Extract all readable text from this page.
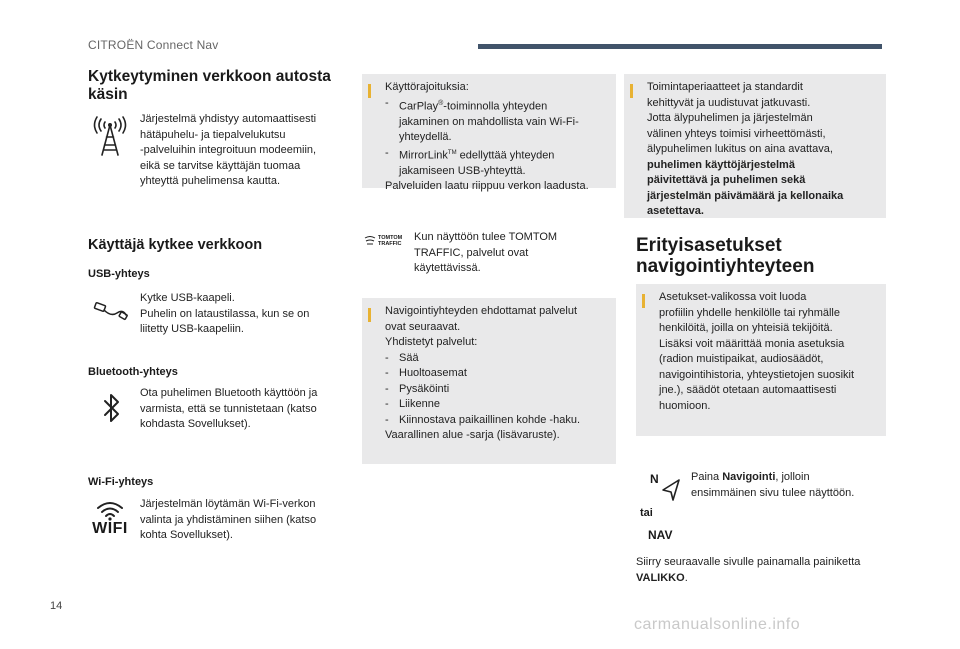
CITROËN Connect Nav
Kytkeytyminen verkkoon autosta
käsin
Järjestelmä yhdistyy automaattisesti
hätäpuhelu- ja tiepalvelukutsu
-palveluihin integroituun modeemiin,
eikä se tarvitse käyttäjän tuomaa
yhteyttä puhelimensa kautta.
Käyttäjä kytkee verkkoon
USB-yhteys
Kytke USB-kaapeli.
Puhelin on lataustilassa, kun se on
liitetty USB-kaapeliin.
Bluetooth-yhteys
Ota puhelimen Bluetooth käyttöön ja
varmista, että se tunnistetaan (katso
kohdasta Sovellukset).
Wi-Fi-yhteys
WIFI
Järjestelmän löytämän Wi-Fi-verkon
valinta ja yhdistäminen siihen (katso
kohta Sovellukset).
Käyttörajoituksia:
- CarPlay®-toiminnolla yhteyden
jakaminen on mahdollista vain Wi-Fi-
yhteydellä.
- MirrorLink™ edellyttää yhteyden
jakamiseen USB-yhteyttä.
Palveluiden laatu riippuu verkon laadusta.
TOMTOM
TRAFFIC
Kun näyttöön tulee TOMTOM
TRAFFIC, palvelut ovat
käytettävissä.
Navigointiyhteyden ehdottamat palvelut
ovat seuraavat.
Yhdistetyt palvelut:
- Sää
- Huoltoasemat
- Pysäköinti
- Liikenne
- Kiinnostava paikaillinen kohde -haku.
Vaarallinen alue -sarja (lisävaruste).
Toimintaperiaatteet ja standardit
kehittyvät ja uudistuvat jatkuvasti.
Jotta älypuhelimen ja järjestelmän
välinen yhteys toimisi virheettömästi,
älypuhelimen lukitus on aina avattava,
puhelimen käyttöjärjestelmä
päivitettävä ja puhelimen sekä
järjestelmän päivämäärä ja kellonaika
asetettava.
Erityisasetukset
navigointiyhteyteen
Asetukset-valikossa voit luoda
profiilin yhdelle henkilölle tai ryhmälle
henkilöitä, joilla on yhteisiä tekijöitä.
Lisäksi voit määrittää monia asetuksia
(radion muistipaikat, audiosäädöt,
navigointihistoria, yhteystietojen suosikit
jne.), säädöt otetaan automaattisesti
huomioon.
N
tai
NAV
Paina Navigointi, jolloin
ensimmäinen sivu tulee näyttöön.
Siirry seuraavalle sivulle painamalla painiketta
VALIKKO.
14
carmanualsonline.info
